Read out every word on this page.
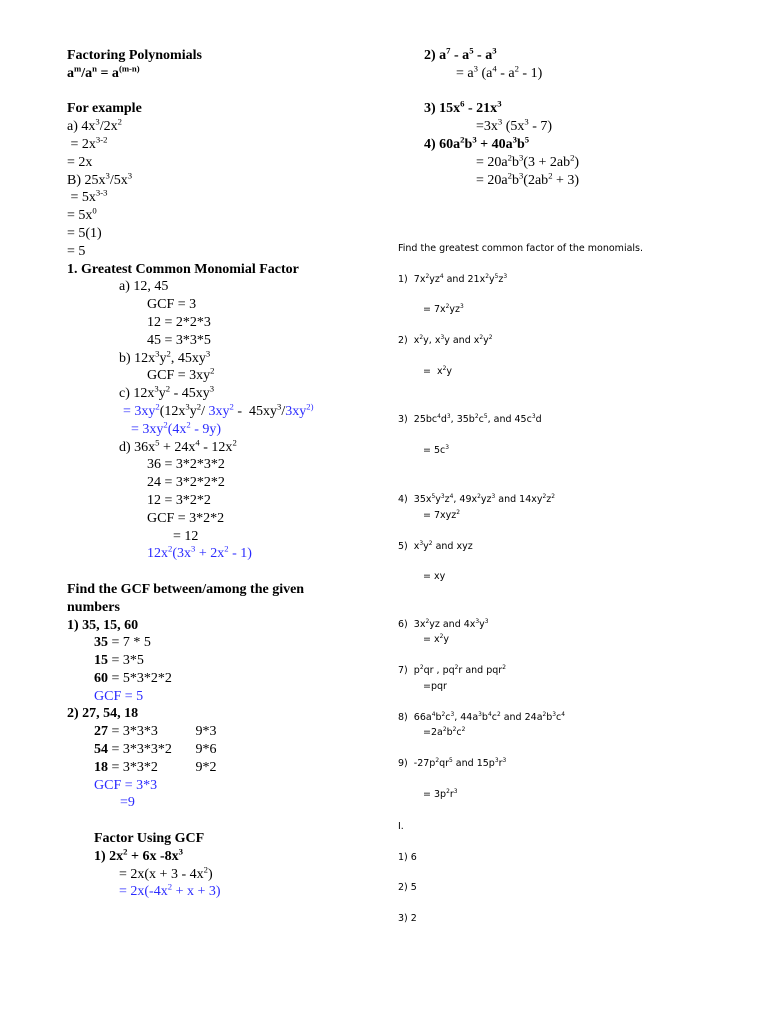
Factoring Polynomials
$a^m/a^n = a^{(m-n)}$
For example
a) $4x^3/2x^2$
= $2x^{3-2}$
= 2x
B) $25x^3/5x^3$
= $5x^{3-3}$
= $5x^0$
= 5(1)
= 5
1. Greatest Common Monomial Factor
a) 12, 45
GCF = 3
12 = 2*2*3
45 = 3*3*5
b) $12x^3y^2$, $45xy^3$
GCF = $3xy^2$
c) $12x^3y^2 - 45xy^3$
= $3xy^2(12x^3y^2/$ $3xy^2 - 45xy^3/3xy^{2)}$
= $3xy^2(4x^2 - 9y)$
d) $36x^5 + 24x^4 - 12x^2$
36 = 3*2*3*2
24 = 3*2*2*2
12 = 3*2*2
GCF = 3*2*2
= 12
$12x^2(3x^3 + 2x^2 - 1)$
Find the GCF between/among the given
numbers
1) 35, 15, 60
35 = 7 * 5
15 = 3*5
60 = 5*3*2*2
GCF = 5
2) 27, 54, 18
27 = 3*3*3	9*3
54 = 3*3*3*2 9*6
18 = 3*3*2	9*2
GCF = 3*3
=9
Factor Using GCF
1) $2x^2 + 6x$ $-8x^3$
= $2x(x + 3 - 4x^2)$
= $2x(-4x^2 + x + 3)$
2) $a^7 - a^5 - a^3$
= $a^3$ $(a^4 - a^2 - 1)$
3) $15x^6 - 21x^3$
$=3x^3$ $(5x^3 - 7)$
4) $60a^2b^3 + 40a^3b^5$
= $20a^2b^3(3 + 2ab^2)$
= $20a^2b^3(2ab^2 + 3)$
Find the greatest common factor of the monomials.
1)  $7x^2yz^4$ and $21x^2y^5z^3$
= $7x^2yz^3$
2)  $x^2y$, $x^3y$ and $x^2y^2$
=  $x^2y$
3)  $25bc^4d^3$, $35b^2c^5$, and $45c^3d$
= $5c^3$
4)  $35x^5y^3z^4$, $49x^2yz^3$ and $14xy^2z^2$
= 7xyz$^2$
5)  $x^3y^2$ and xyz
= xy
6)  $3x^2yz$ and $4x^3y^3$
= $x^2y$
7)  $p^2qr$ , $pq^2r$ and pqr$^2$
=pqr
8)  $66a^4b^2c^3$, $44a^3b^4c^2$ and $24a^2b^3c^4$
$=2a^2b^2c^2$
9)  $-27p^2qr^5$ and $15p^3r^3$
= $3p^2r^3$
I.
1) 6
2) 5
3) 2
